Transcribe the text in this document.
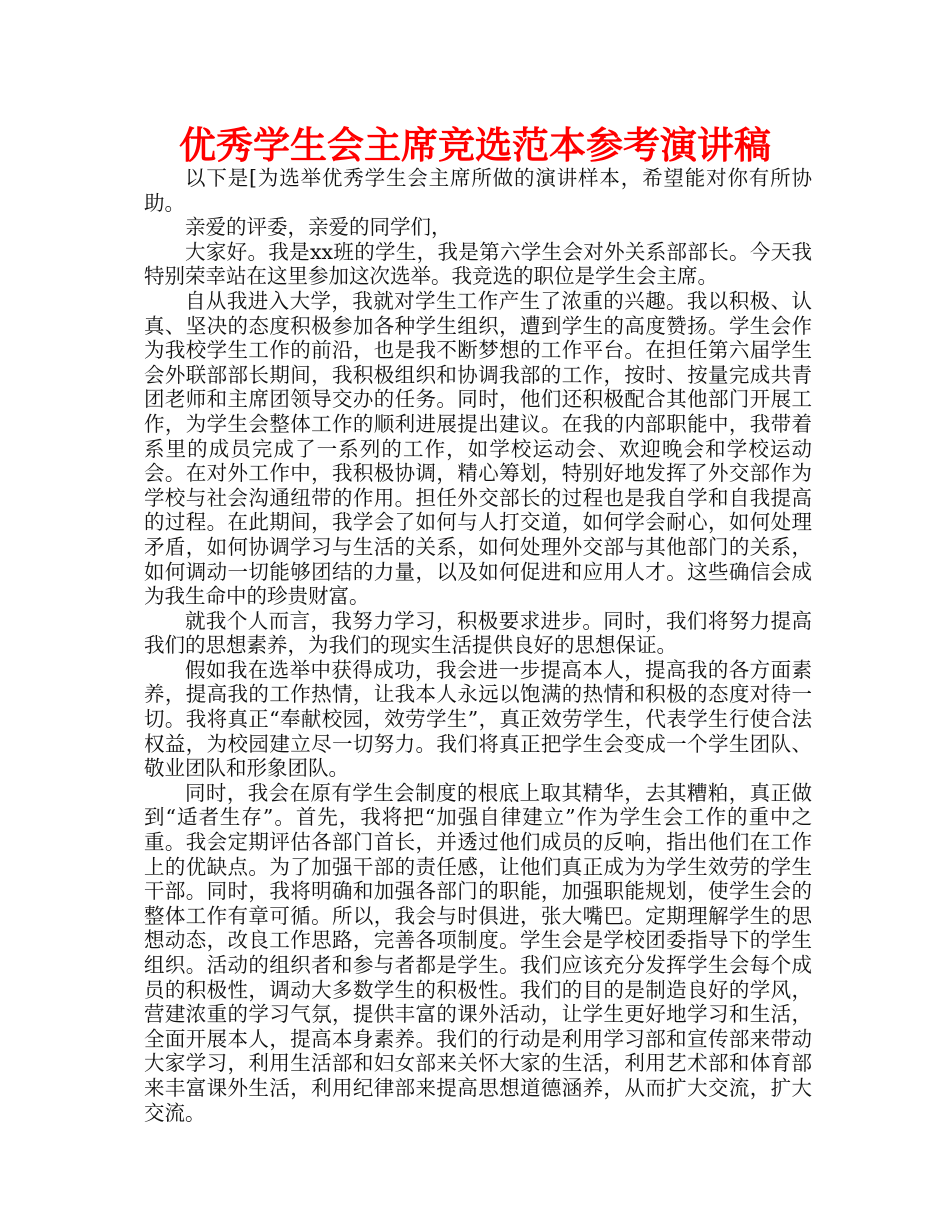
优秀学生会主席竞选范本参考演讲稿

以下是[为选举优秀学生会主席所做的演讲样本，希望能对你有所协助。

亲爱的评委，亲爱的同学们，

大家好。我是xx班的学生，我是第六学生会对外关系部部长。今天我特别荣幸站在这里参加这次选举。我竞选的职位是学生会主席。

自从我进入大学，我就对学生工作产生了浓重的兴趣。我以积极、认真、坚决的态度积极参加各种学生组织，遭到学生的高度赞扬。学生会作为我校学生工作的前沿，也是我不断梦想的工作平台。在担任第六届学生会外联部部长期间，我积极组织和协调我部的工作，按时、按量完成共青团老师和主席团领导交办的任务。同时，他们还积极配合其他部门开展工作，为学生会整体工作的顺利进展提出建议。在我的内部职能中，我带着系里的成员完成了一系列的工作，如学校运动会、欢迎晚会和学校运动会。在对外工作中，我积极协调，精心筹划，特别好地发挥了外交部作为学校与社会沟通纽带的作用。担任外交部长的过程也是我自学和自我提高的过程。在此期间，我学会了如何与人打交道，如何学会耐心，如何处理矛盾，如何协调学习与生活的关系，如何处理外交部与其他部门的关系，如何调动一切能够团结的力量，以及如何促进和应用人才。这些确信会成为我生命中的珍贵财富。

就我个人而言，我努力学习，积极要求进步。同时，我们将努力提高我们的思想素养，为我们的现实生活提供良好的思想保证。

假如我在选举中获得成功，我会进一步提高本人，提高我的各方面素养，提高我的工作热情，让我本人永远以饱满的热情和积极的态度对待一切。我将真正“奉献校园，效劳学生”，真正效劳学生，代表学生行使合法权益，为校园建立尽一切努力。我们将真正把学生会变成一个学生团队、敬业团队和形象团队。

同时，我会在原有学生会制度的根底上取其精华，去其糟粕，真正做到“适者生存”。首先，我将把“加强自律建立”作为学生会工作的重中之重。我会定期评估各部门首长，并透过他们成员的反响，指出他们在工作上的优缺点。为了加强干部的责任感，让他们真正成为为学生效劳的学生干部。同时，我将明确和加强各部门的职能，加强职能规划，使学生会的整体工作有章可循。所以，我会与时俱进，张大嘴巴。定期理解学生的思想动态，改良工作思路，完善各项制度。学生会是学校团委指导下的学生组织。活动的组织者和参与者都是学生。我们应该充分发挥学生会每个成员的积极性，调动大多数学生的积极性。我们的目的是制造良好的学风，营建浓重的学习气氛，提供丰富的课外活动，让学生更好地学习和生活，全面开展本人，提高本身素养。我们的行动是利用学习部和宣传部来带动大家学习，利用生活部和妇女部来关怀大家的生活，利用艺术部和体育部来丰富课外生活，利用纪律部来提高思想道德涵养，从而扩大交流，扩大交流。
